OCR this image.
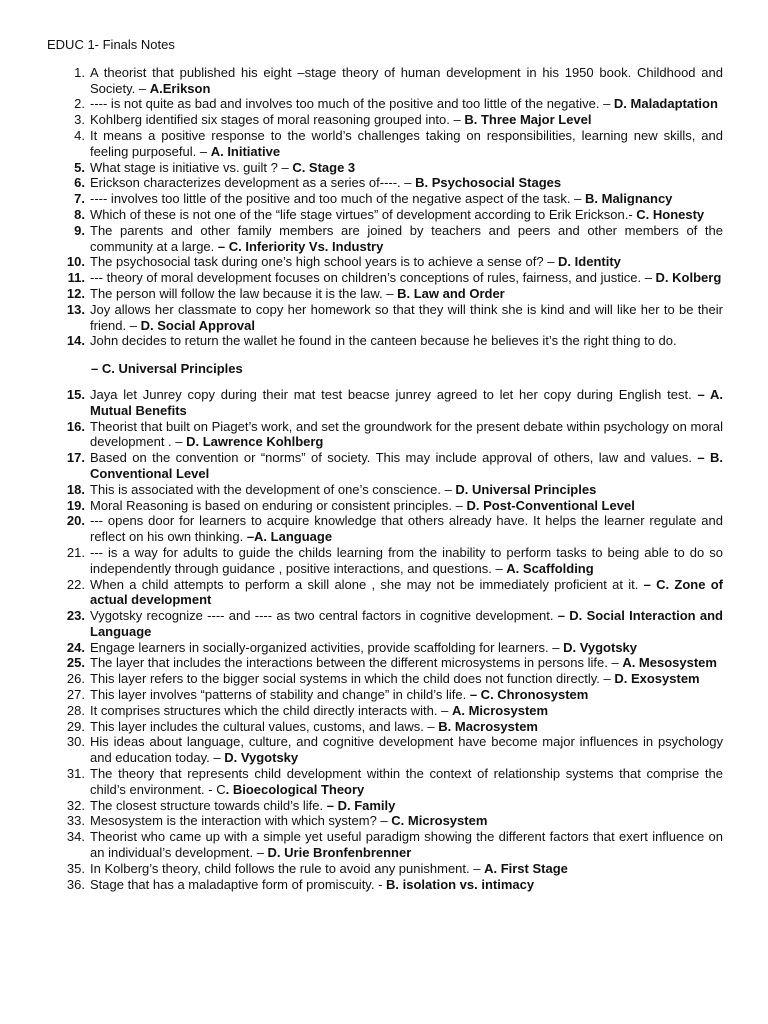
EDUC 1- Finals Notes
1. A theorist that published his eight –stage theory of human development in his 1950 book. Childhood and Society. – A.Erikson
2. ---- is not quite as bad and involves too much of the positive and too little of the negative. – D. Maladaptation
3. Kohlberg identified six stages of moral reasoning grouped into. – B. Three Major Level
4. It means a positive response to the world’s challenges taking on responsibilities, learning new skills, and feeling purposeful. – A. Initiative
5. What stage is initiative vs. guilt ? – C. Stage 3
6. Erickson characterizes development as a series of----. – B. Psychosocial Stages
7. ---- involves too little of the positive and too much of the negative aspect of the task. – B. Malignancy
8. Which of these is not one of the “life stage virtues” of development according to Erik Erickson.- C. Honesty
9. The parents and other family members are joined by teachers and peers and other members of the community at a large. – C. Inferiority Vs. Industry
10. The psychosocial task during one’s high school years is to achieve a sense of? – D. Identity
11. --- theory of moral development focuses on children’s conceptions of rules, fairness, and justice. – D. Kolberg
12. The person will follow the law because it is the law. – B. Law and Order
13. Joy allows her classmate to copy her homework so that they will think she is kind and will like her to be their friend. – D. Social Approval
14. John decides to return the wallet he found in the canteen because he believes it’s the right thing to do.
– C. Universal Principles
15. Jaya let Junrey copy during their mat test beacse junrey agreed to let her copy during English test. – A. Mutual Benefits
16. Theorist that built on Piaget’s work, and set the groundwork for the present debate within psychology on moral development . – D. Lawrence Kohlberg
17. Based on the convention or “norms” of society. This may include approval of others, law and values. – B. Conventional Level
18. This is associated with the development of one’s conscience. – D. Universal Principles
19. Moral Reasoning is based on enduring or consistent principles. – D. Post-Conventional Level
20. --- opens door for learners to acquire knowledge that others already have. It helps the learner regulate and reflect on his own thinking. –A. Language
21. --- is a way for adults to guide the childs learning from the inability to perform tasks to being able to do so independently through guidance , positive interactions, and questions. – A. Scaffolding
22. When a child attempts to perform a skill alone , she may not be immediately proficient at it. – C. Zone of actual development
23. Vygotsky recognize ---- and ---- as two central factors in cognitive development. – D. Social Interaction and Language
24. Engage learners in socially-organized activities, provide scaffolding for learners. – D. Vygotsky
25. The layer that includes the interactions between the different microsystems in persons life. – A. Mesosystem
26. This layer refers to the bigger social systems in which the child does not function directly. – D. Exosystem
27. This layer involves “patterns of stability and change” in child’s life. – C. Chronosystem
28. It comprises structures which the child directly interacts with. – A. Microsystem
29. This layer includes the cultural values, customs, and laws. – B. Macrosystem
30. His ideas about language, culture, and cognitive development have become major influences in psychology and education today. – D. Vygotsky
31. The theory that represents child development within the context of relationship systems that comprise the child’s environment. - C. Bioecological Theory
32. The closest structure towards child’s life. – D. Family
33. Mesosystem is the interaction with which system? – C. Microsystem
34. Theorist who came up with a simple yet useful paradigm showing the different factors that exert influence on an individual’s development. – D. Urie Bronfenbrenner
35. In Kolberg’s theory, child follows the rule to avoid any punishment. – A. First Stage
36. Stage that has a maladaptive form of promiscuity. - B. isolation vs. intimacy
